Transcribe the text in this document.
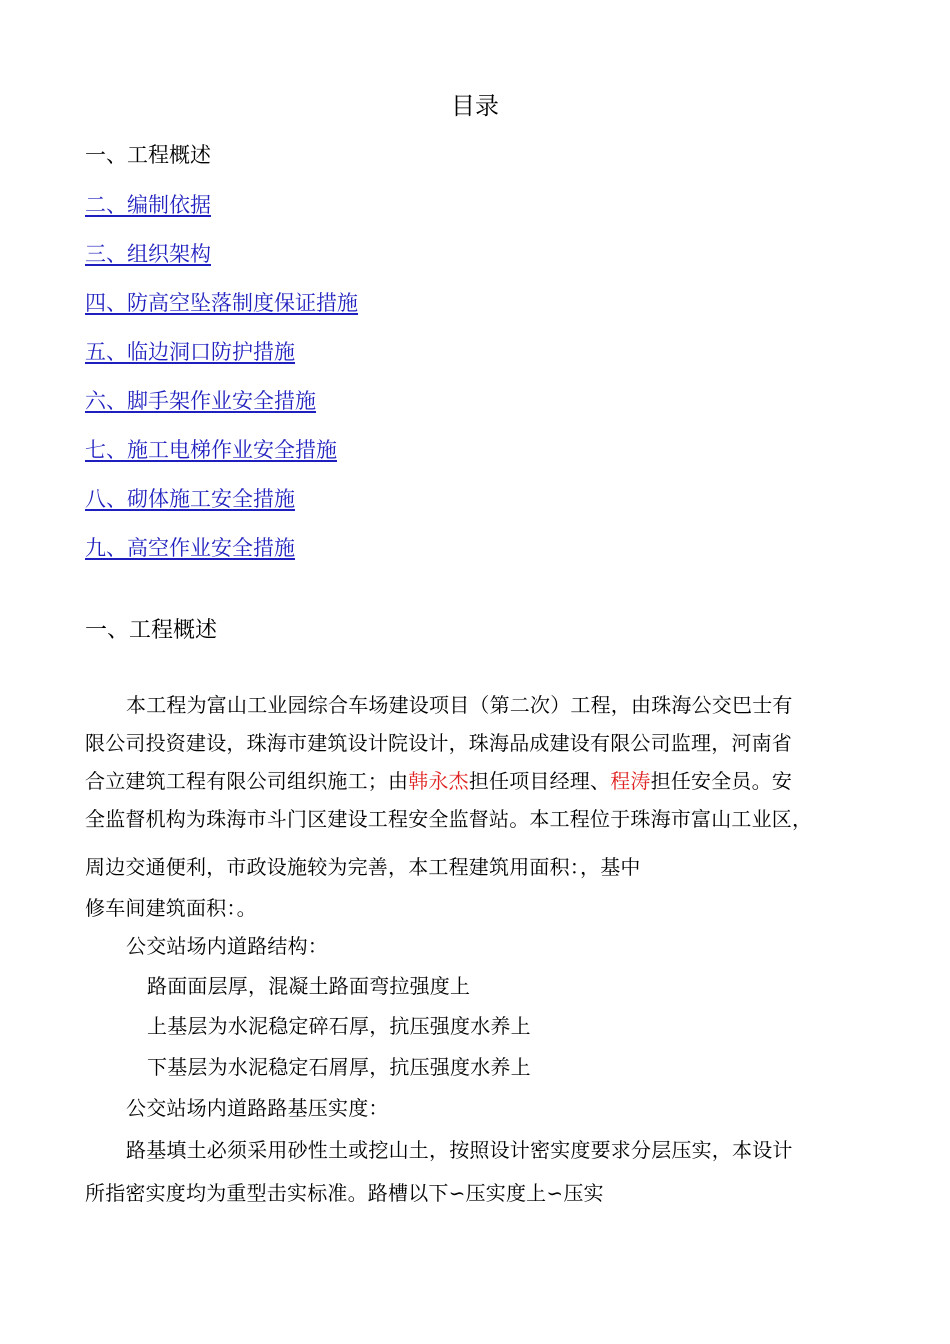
目录
一、工程概述
二、编制依据
三、组织架构
四、防高空坠落制度保证措施
五、临边洞口防护措施
六、脚手架作业安全措施
七、施工电梯作业安全措施
八、砌体施工安全措施
九、高空作业安全措施
一、工程概述
本工程为富山工业园综合车场建设项目（第二次）工程，由珠海公交巴士有
限公司投资建设，珠海市建筑设计院设计，珠海品成建设有限公司监理，河南省
合立建筑工程有限公司组织施工；由韩永杰担任项目经理、程涛担任安全员。安
全监督机构为珠海市斗门区建设工程安全监督站。本工程位于珠海市富山工业区，
周边交通便利，市政设施较为完善，本工程建筑用面积：，基中
修车间建筑面积：。
公交站场内道路结构：
路面面层厚，混凝土路面弯拉强度上
上基层为水泥稳定碎石厚，抗压强度水养上
下基层为水泥稳定石屑厚，抗压强度水养上
公交站场内道路路基压实度：
路基填土必须采用砂性土或挖山土，按照设计密实度要求分层压实，本设计
所指密实度均为重型击实标准。路槽以下∽压实度上∽压实
